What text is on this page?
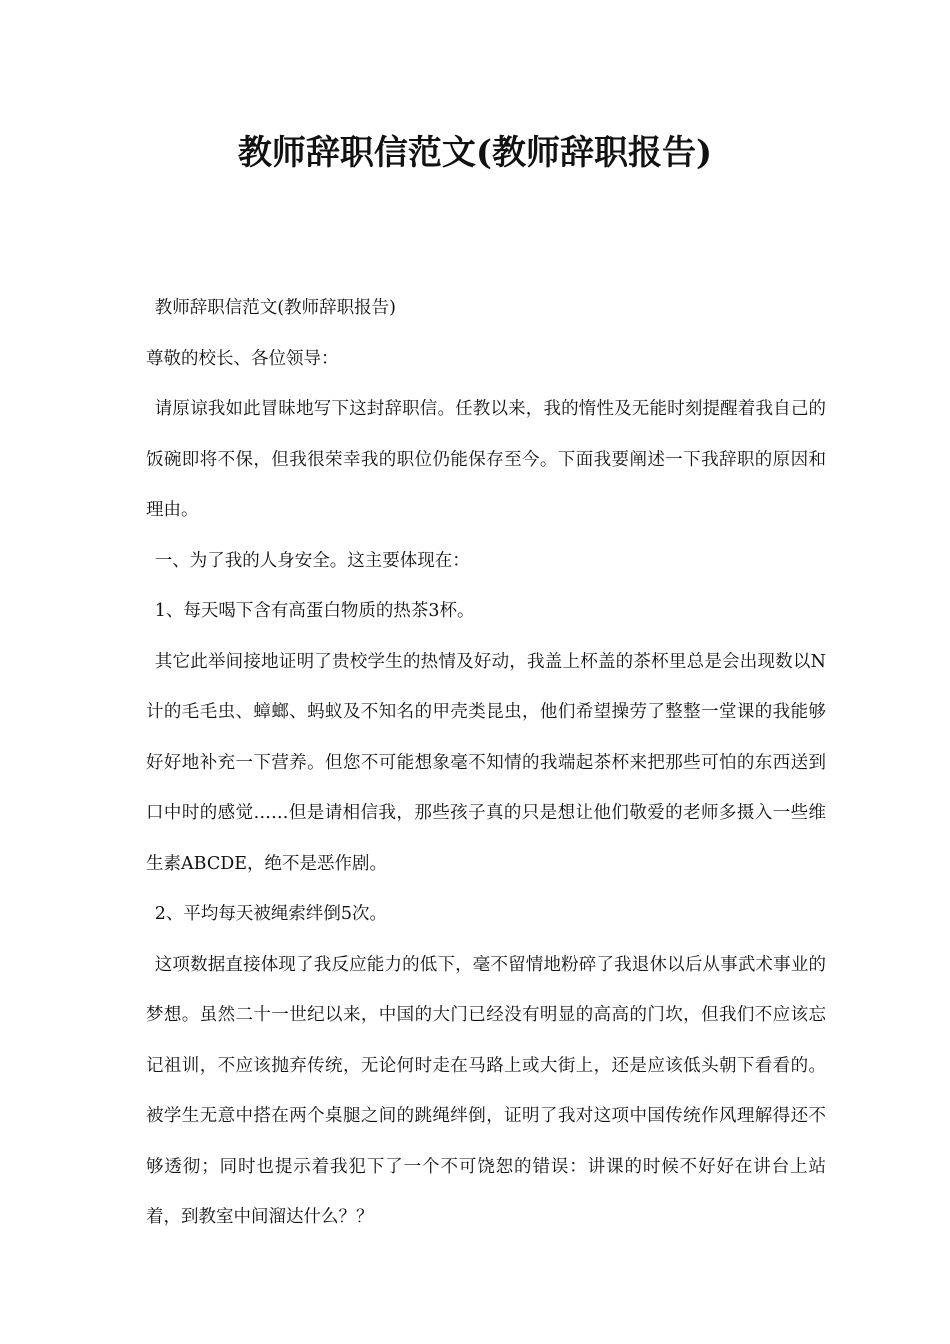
教师辞职信范文(教师辞职报告)

教师辞职信范文(教师辞职报告)

尊敬的校长、各位领导：

请原谅我如此冒昧地写下这封辞职信。任教以来，我的惰性及无能时刻提醒着我自己的饭碗即将不保，但我很荣幸我的职位仍能保存至今。下面我要阐述一下我辞职的原因和理由。

一、为了我的人身安全。这主要体现在：

1、每天喝下含有高蛋白物质的热茶3杯。

其它此举间接地证明了贵校学生的热情及好动，我盖上杯盖的茶杯里总是会出现数以N计的毛毛虫、蟑螂、蚂蚁及不知名的甲壳类昆虫，他们希望操劳了整整一堂课的我能够好好地补充一下营养。但您不可能想象毫不知情的我端起茶杯来把那些可怕的东西送到口中时的感觉……但是请相信我，那些孩子真的只是想让他们敬爱的老师多摄入一些维生素ABCDE，绝不是恶作剧。

2、平均每天被绳索绊倒5次。

这项数据直接体现了我反应能力的低下，毫不留情地粉碎了我退休以后从事武术事业的梦想。虽然二十一世纪以来，中国的大门已经没有明显的高高的门坎，但我们不应该忘记祖训，不应该抛弃传统，无论何时走在马路上或大街上，还是应该低头朝下看看的。被学生无意中搭在两个桌腿之间的跳绳绊倒，证明了我对这项中国传统作风理解得还不够透彻；同时也提示着我犯下了一个不可饶恕的错误：讲课的时候不好好在讲台上站着，到教室中间溜达什么？？
